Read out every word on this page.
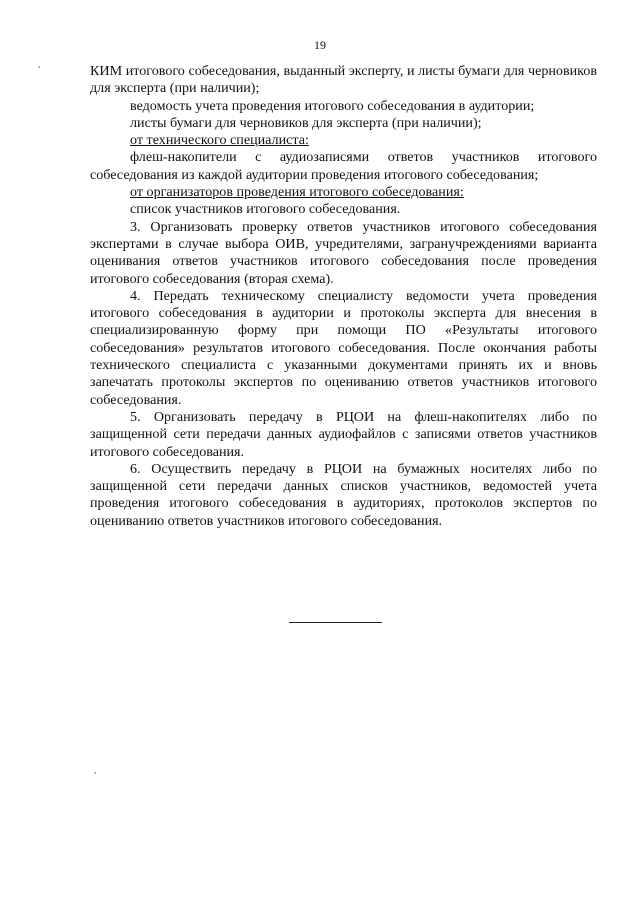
19

КИМ итогового собеседования, выданный эксперту, и листы бумаги для черновиков для эксперта (при наличии);

ведомость учета проведения итогового собеседования в аудитории;

листы бумаги для черновиков для эксперта (при наличии);

от технического специалиста:

флеш-накопители с аудиозаписями ответов участников итогового собеседования из каждой аудитории проведения итогового собеседования;

от организаторов проведения итогового собеседования:

список участников итогового собеседования.

3. Организовать проверку ответов участников итогового собеседования экспертами в случае выбора ОИВ, учредителями, загранучреждениями варианта оценивания ответов участников итогового собеседования после проведения итогового собеседования (вторая схема).

4. Передать техническому специалисту ведомости учета проведения итогового собеседования в аудитории и протоколы эксперта для внесения в специализированную форму при помощи ПО «Результаты итогового собеседования» результатов итогового собеседования. После окончания работы технического специалиста с указанными документами принять их и вновь запечатать протоколы экспертов по оцениванию ответов участников итогового собеседования.

5. Организовать передачу в РЦОИ на флеш-накопителях либо по защищенной сети передачи данных аудиофайлов с записями ответов участников итогового собеседования.

6. Осуществить передачу в РЦОИ на бумажных носителях либо по защищенной сети передачи данных списков участников, ведомостей учета проведения итогового собеседования в аудиториях, протоколов экспертов по оцениванию ответов участников итогового собеседования.
